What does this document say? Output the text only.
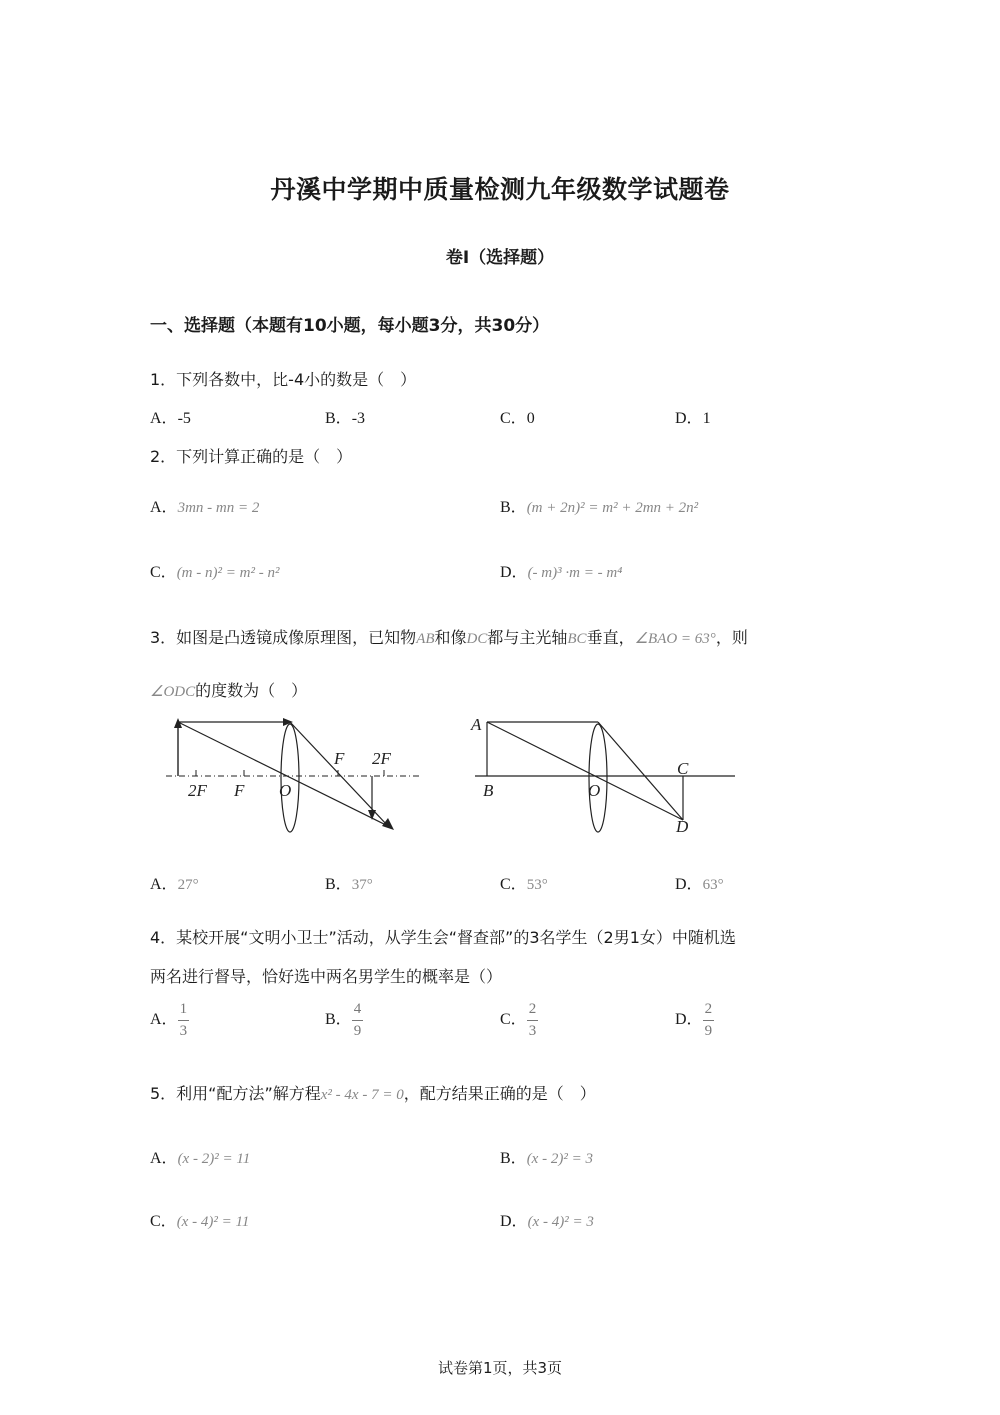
丹溪中学期中质量检测九年级数学试题卷
卷Ⅰ（选择题）
一、选择题（本题有10小题，每小题3分，共30分）
1．下列各数中，比-4小的数是（　）
A．-5	B．-3	C．0	D．1
2．下列计算正确的是（　）
A．3mn - mn = 2	B．(m + 2n)² = m² + 2mn + 2n²
C．(m - n)² = m² - n²	D．(- m)³ ·m = - m⁴
3．如图是凸透镜成像原理图，已知物AB和像DC都与主光轴BC垂直，∠BAO = 63°，则
∠ODC的度数为（　）
2F F O
F 2F
A
B	O
C
D
A．27°	B．37°	C．53°	D．63°
4．某校开展“文明小卫士”活动，从学生会“督查部”的3名学生（2男1女）中随机选
两名进行督导，恰好选中两名男学生的概率是（）
A． $\frac{1}{3}$	B． $\frac{4}{9}$	C． $\frac{2}{3}$	D． $\frac{2}{9}$
5．利用“配方法”解方程x² - 4x - 7 = 0，配方结果正确的是（　）
A．(x - 2)² = 11	B．(x - 2)² = 3
C．(x - 4)² = 11	D．(x - 4)² = 3
试卷第1页，共3页
